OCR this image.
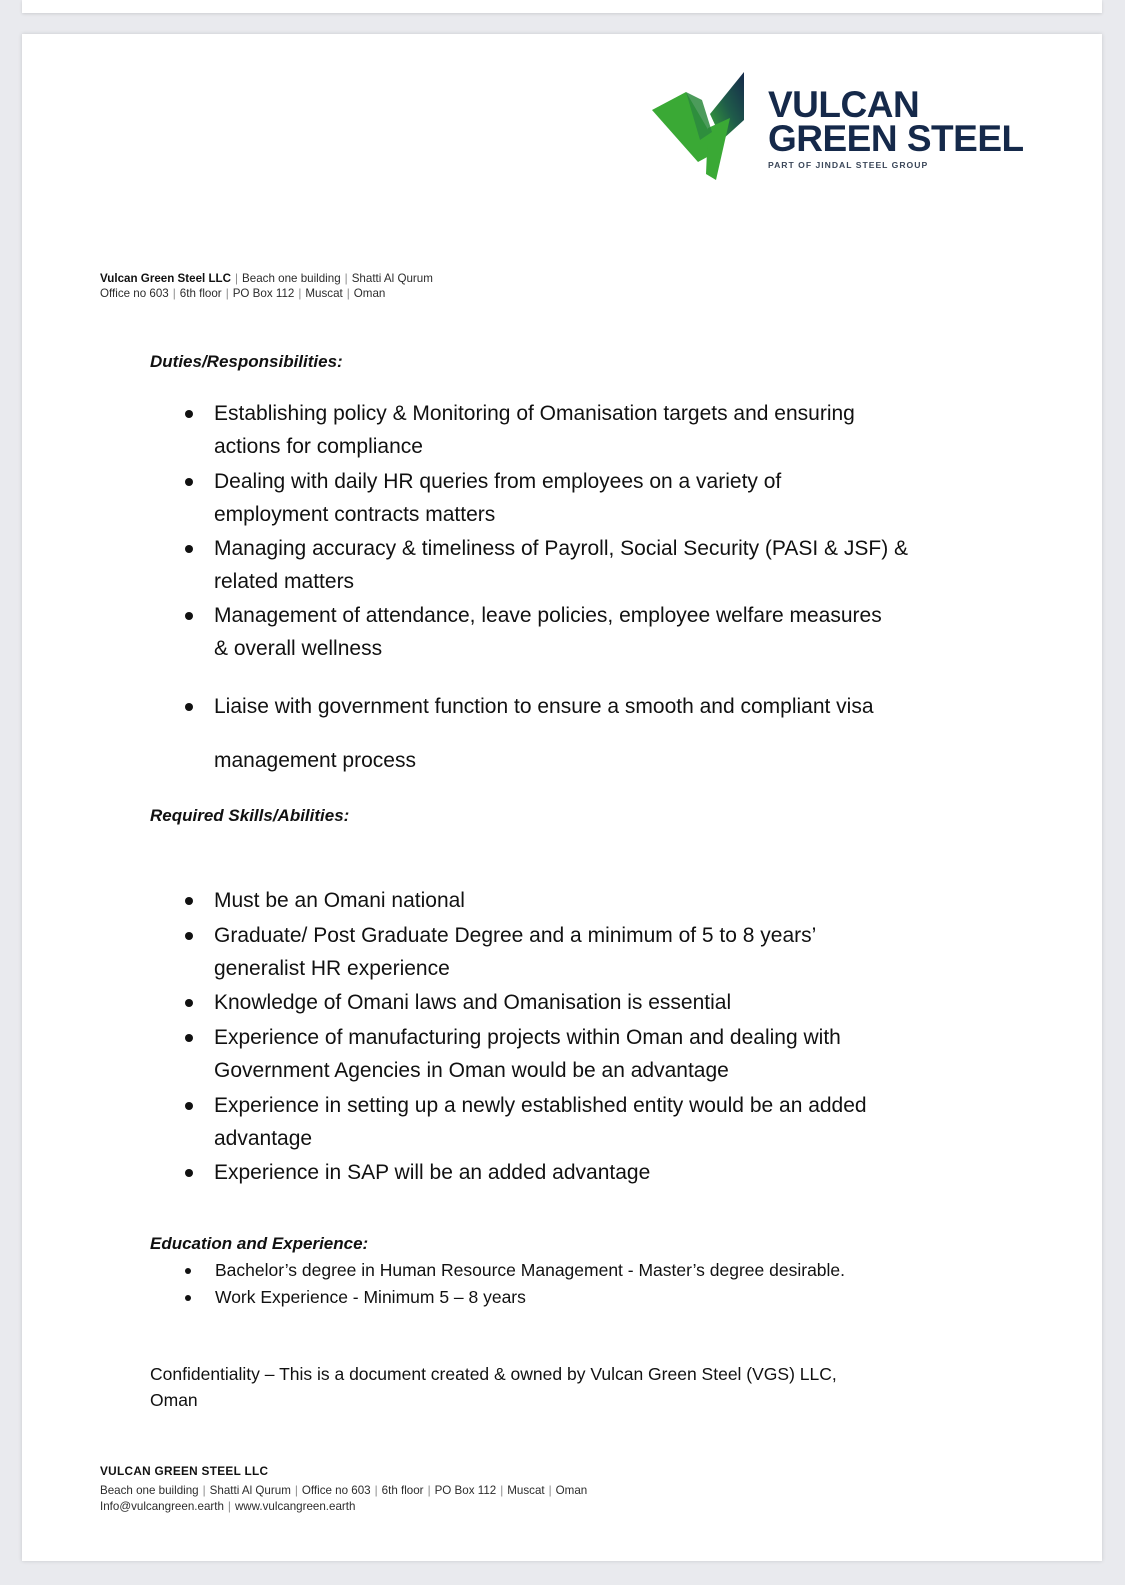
VULCAN
GREEN STEEL
PART OF JINDAL STEEL GROUP
Vulcan Green Steel LLC | Beach one building | Shatti Al Qurum
Office no 603 | 6th floor | PO Box 112 | Muscat | Oman
Duties/Responsibilities:
Establishing policy & Monitoring of Omanisation targets and ensuring
actions for compliance
Dealing with daily HR queries from employees on a variety of
employment contracts matters
Managing accuracy & timeliness of Payroll, Social Security (PASI & JSF) &
related matters
Management of attendance, leave policies, employee welfare measures
& overall wellness
Liaise with government function to ensure a smooth and compliant visa
management process
Required Skills/Abilities:
Must be an Omani national
Graduate/ Post Graduate Degree and a minimum of 5 to 8 years’
generalist HR experience
Knowledge of Omani laws and Omanisation is essential
Experience of manufacturing projects within Oman and dealing with
Government Agencies in Oman would be an advantage
Experience in setting up a newly established entity would be an added
advantage
Experience in SAP will be an added advantage
Education and Experience:
Bachelor’s degree in Human Resource Management - Master’s degree desirable.
Work Experience - Minimum 5 – 8 years
Confidentiality – This is a document created & owned by Vulcan Green Steel (VGS) LLC,
Oman
VULCAN GREEN STEEL LLC
Beach one building | Shatti Al Qurum | Office no 603 | 6th floor | PO Box 112 | Muscat | Oman
Info@vulcangreen.earth | www.vulcangreen.earth
